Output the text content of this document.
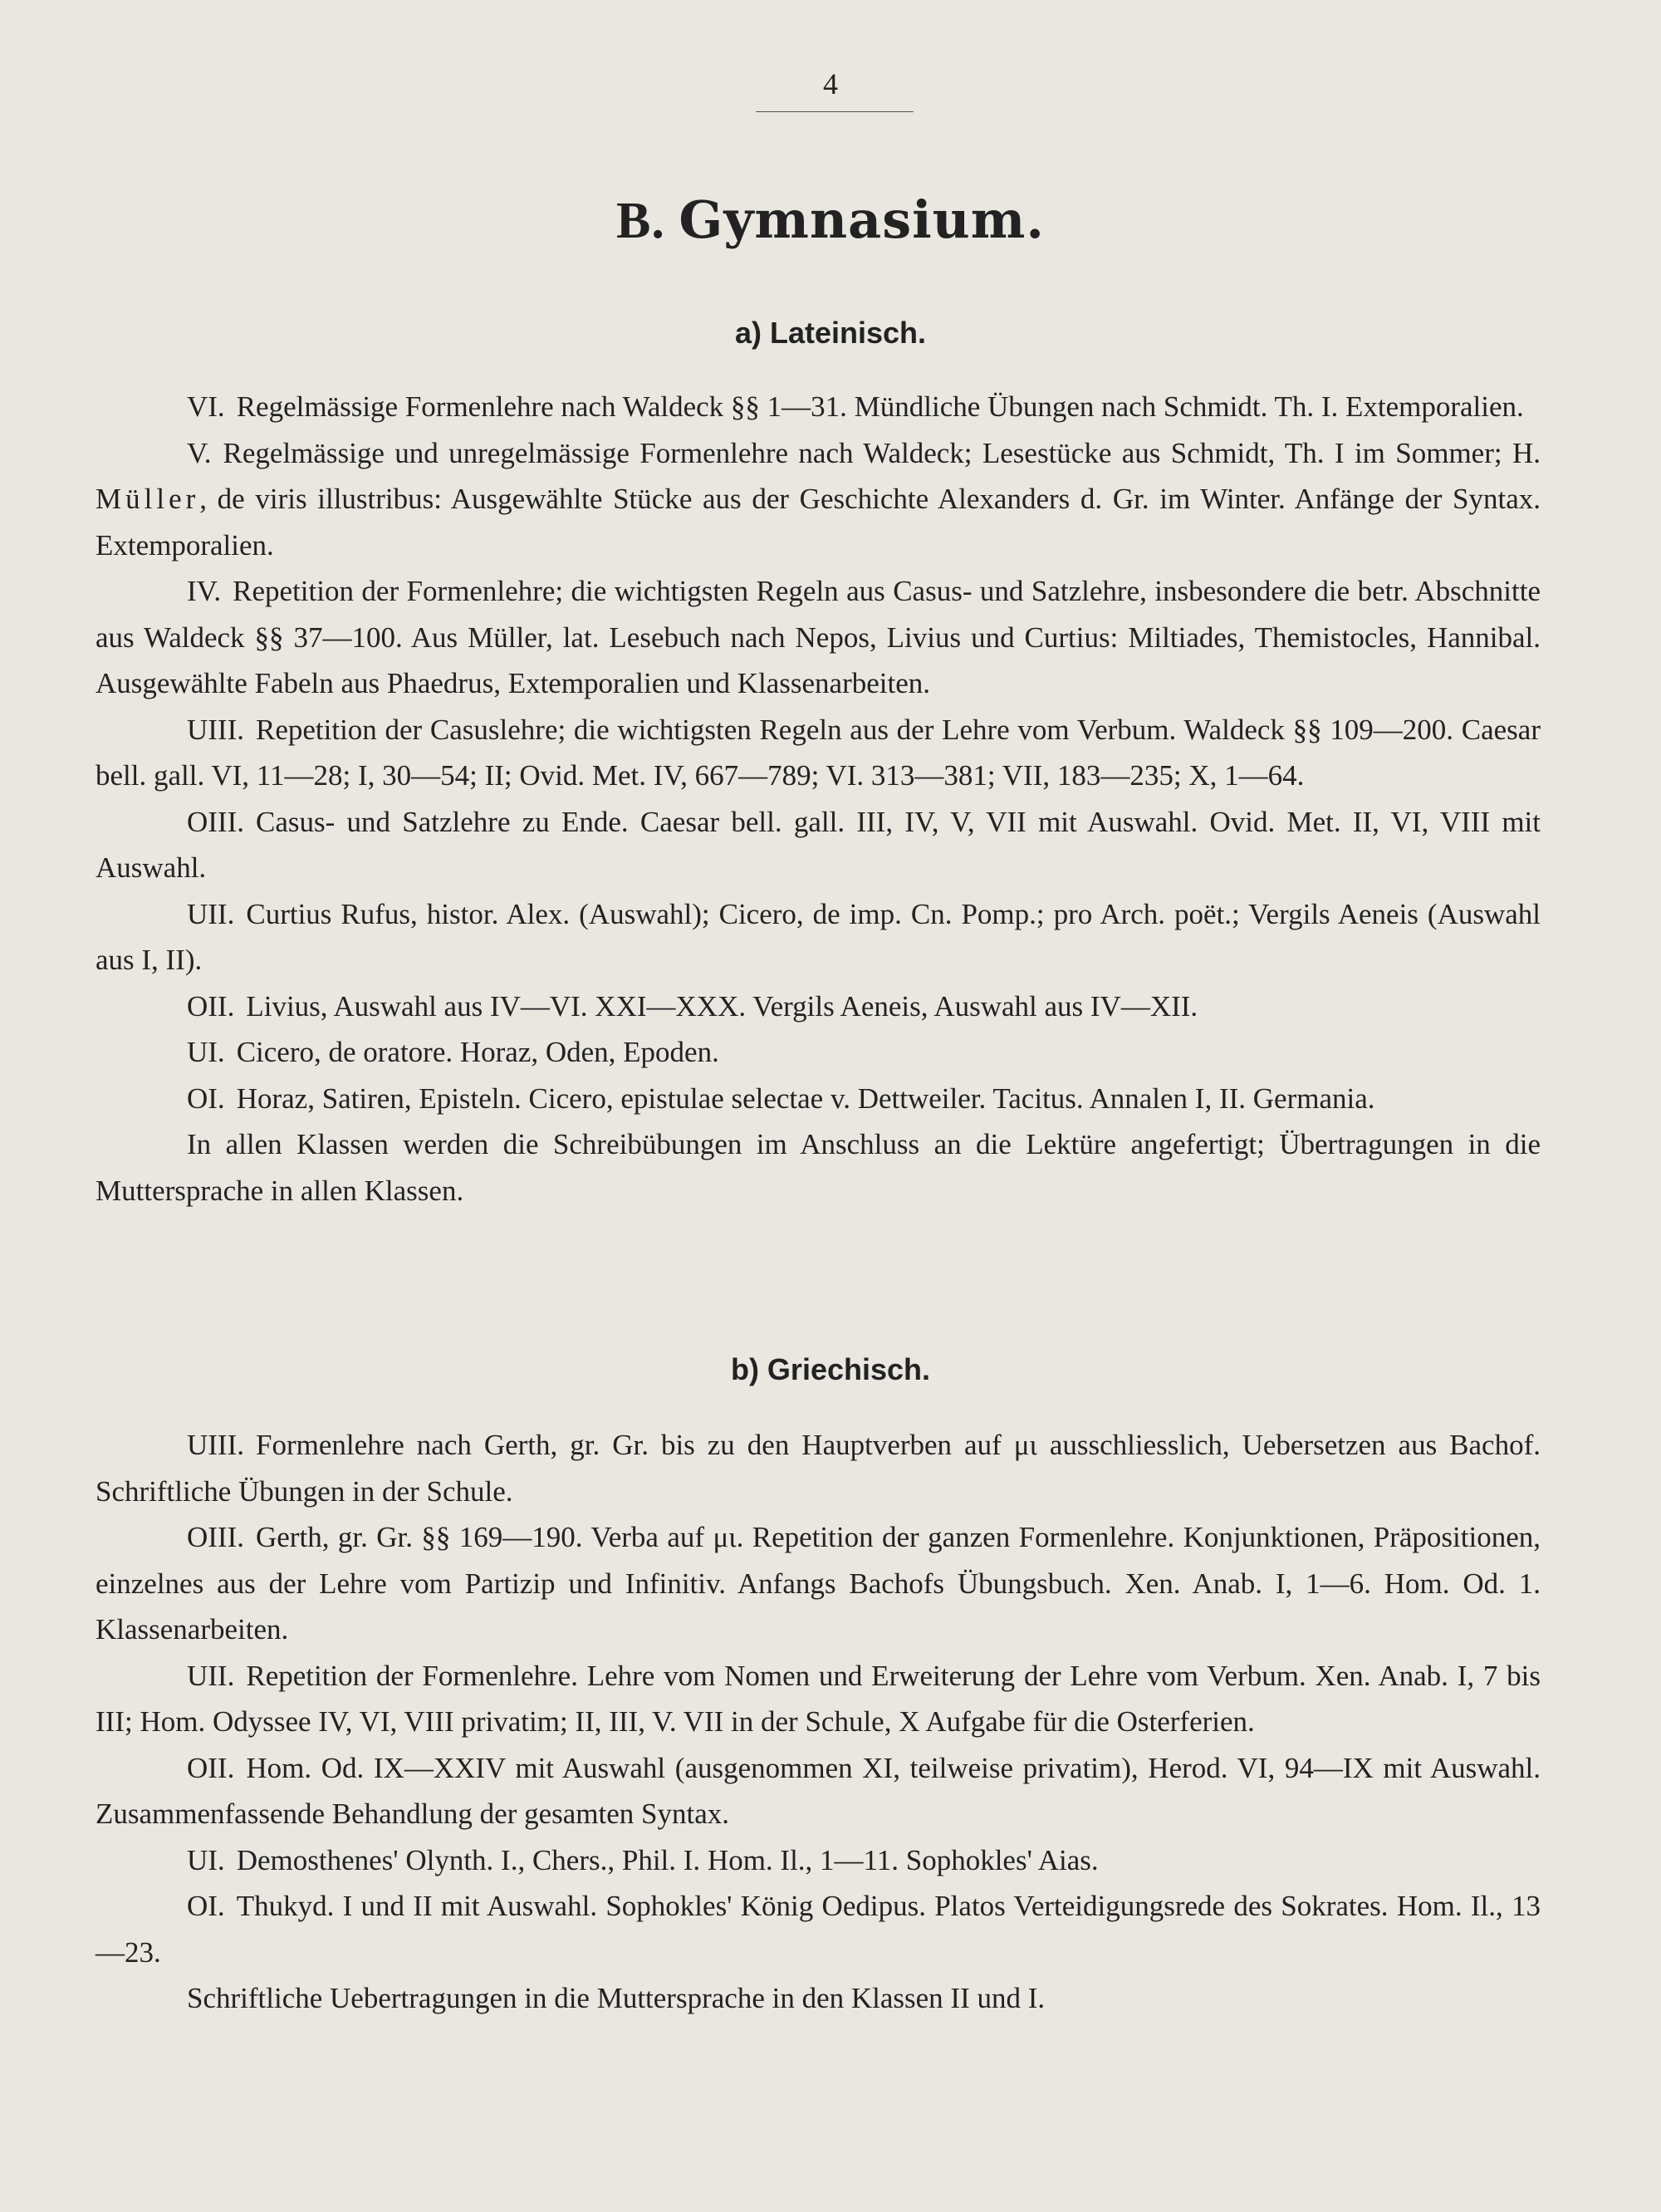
4
B. Gymnasium.
a) Lateinisch.

VI. Regelmässige Formenlehre nach Waldeck §§ 1—31. Mündliche Übungen nach Schmidt. Th. I. Extemporalien.

V. Regelmässige und unregelmässige Formenlehre nach Waldeck; Lesestücke aus Schmidt, Th. I im Sommer; H. Müller, de viris illustribus: Ausgewählte Stücke aus der Geschichte Alexanders d. Gr. im Winter. Anfänge der Syntax. Extemporalien.

IV. Repetition der Formenlehre; die wichtigsten Regeln aus Casus- und Satzlehre, insbesondere die betr. Abschnitte aus Waldeck §§ 37—100. Aus Müller, lat. Lesebuch nach Nepos, Livius und Curtius: Miltiades, Themistocles, Hannibal. Ausgewählte Fabeln aus Phaedrus, Extemporalien und Klassenarbeiten.

UIII. Repetition der Casuslehre; die wichtigsten Regeln aus der Lehre vom Verbum. Waldeck §§ 109—200. Caesar bell. gall. VI, 11—28; I, 30—54; II; Ovid. Met. IV, 667—789; VI. 313—381; VII, 183—235; X, 1—64.

OIII. Casus- und Satzlehre zu Ende. Caesar bell. gall. III, IV, V, VII mit Auswahl. Ovid. Met. II, VI, VIII mit Auswahl.

UII. Curtius Rufus, histor. Alex. (Auswahl); Cicero, de imp. Cn. Pomp.; pro Arch. poët.; Vergils Aeneis (Auswahl aus I, II).

OII. Livius, Auswahl aus IV—VI. XXI—XXX. Vergils Aeneis, Auswahl aus IV—XII.

UI. Cicero, de oratore. Horaz, Oden, Epoden.

OI. Horaz, Satiren, Episteln. Cicero, epistulae selectae v. Dettweiler. Tacitus. Annalen I, II. Germania.

In allen Klassen werden die Schreibübungen im Anschluss an die Lektüre angefertigt; Übertragungen in die Muttersprache in allen Klassen.

b) Griechisch.

UIII. Formenlehre nach Gerth, gr. Gr. bis zu den Hauptverben auf μι ausschliesslich, Uebersetzen aus Bachof. Schriftliche Übungen in der Schule.

OIII. Gerth, gr. Gr. §§ 169—190. Verba auf μι. Repetition der ganzen Formenlehre. Konjunktionen, Präpositionen, einzelnes aus der Lehre vom Partizip und Infinitiv. Anfangs Bachofs Übungsbuch. Xen. Anab. I, 1—6. Hom. Od. 1. Klassenarbeiten.

UII. Repetition der Formenlehre. Lehre vom Nomen und Erweiterung der Lehre vom Verbum. Xen. Anab. I, 7 bis III; Hom. Odyssee IV, VI, VIII privatim; II, III, V. VII in der Schule, X Aufgabe für die Osterferien.

OII. Hom. Od. IX—XXIV mit Auswahl (ausgenommen XI, teilweise privatim), Herod. VI, 94—IX mit Auswahl. Zusammenfassende Behandlung der gesamten Syntax.

UI. Demosthenes' Olynth. I., Chers., Phil. I. Hom. Il., 1—11. Sophokles' Aias.

OI. Thukyd. I und II mit Auswahl. Sophokles' König Oedipus. Platos Verteidigungsrede des Sokrates. Hom. Il., 13—23.

Schriftliche Uebertragungen in die Muttersprache in den Klassen II und I.
